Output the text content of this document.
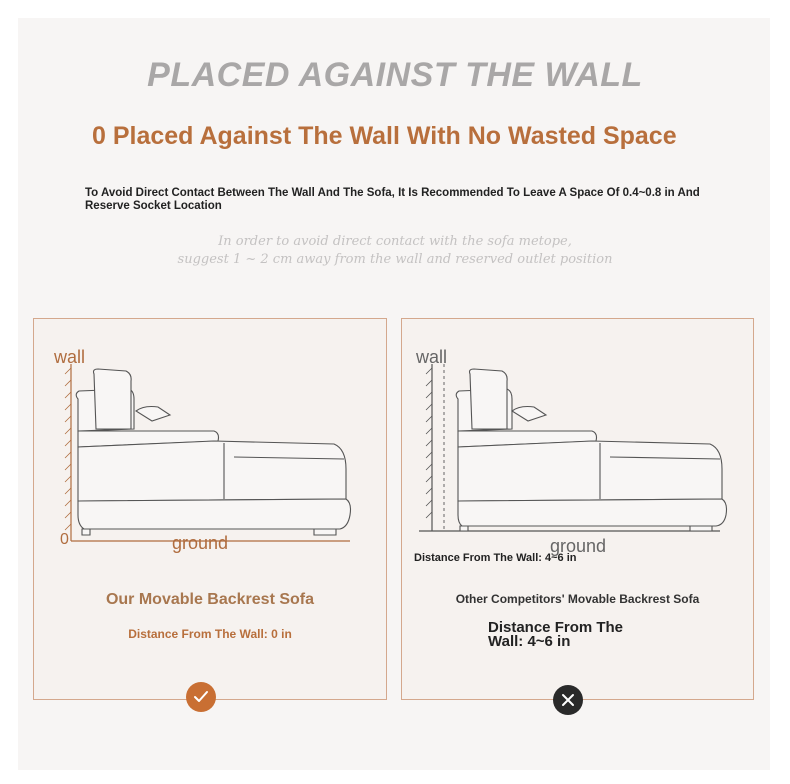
PLACED AGAINST THE WALL
0 Placed Against The Wall With No Wasted Space
To Avoid Direct Contact Between The Wall And The Sofa, It Is Recommended To Leave A Space Of 0.4~0.8 in And Reserve Socket Location
In order to avoid direct contact with the sofa metope,
suggest 1 ~ 2 cm away from the wall and reserved outlet position
wall
0	ground
Our Movable Backrest Sofa
Distance From The Wall: 0 in
wall
ground
Distance From The Wall: 4~6 in
Other Competitors' Movable Backrest Sofa
Distance From The Wall: 4~6 in
